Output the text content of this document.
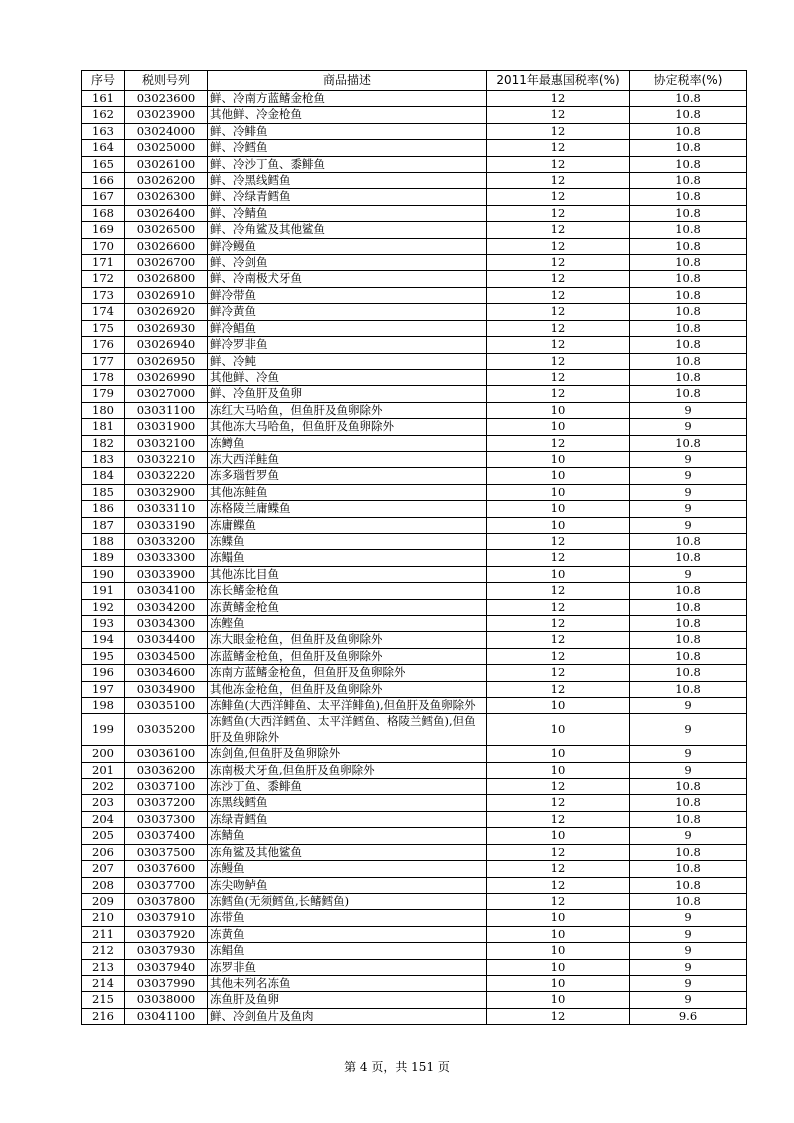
序号	税则号列	商品描述	2011年最惠国税率(%)	协定税率(%)
161	03023600	鲜、冷南方蓝鳍金枪鱼	12	10.8
162	03023900	其他鲜、冷金枪鱼	12	10.8
163	03024000	鲜、冷鲱鱼	12	10.8
164	03025000	鲜、冷鳕鱼	12	10.8
165	03026100	鲜、冷沙丁鱼、黍鲱鱼	12	10.8
166	03026200	鲜、冷黑线鳕鱼	12	10.8
167	03026300	鲜、冷绿青鳕鱼	12	10.8
168	03026400	鲜、冷鲭鱼	12	10.8
169	03026500	鲜、冷角鲨及其他鲨鱼	12	10.8
170	03026600	鲜冷鳗鱼	12	10.8
171	03026700	鲜、冷剑鱼	12	10.8
172	03026800	鲜、冷南极犬牙鱼	12	10.8
173	03026910	鲜冷带鱼	12	10.8
174	03026920	鲜冷黄鱼	12	10.8
175	03026930	鲜冷鲳鱼	12	10.8
176	03026940	鲜冷罗非鱼	12	10.8
177	03026950	鲜、冷鲀	12	10.8
178	03026990	其他鲜、冷鱼	12	10.8
179	03027000	鲜、冷鱼肝及鱼卵	12	10.8
180	03031100	冻红大马哈鱼，但鱼肝及鱼卵除外	10	9
181	03031900	其他冻大马哈鱼，但鱼肝及鱼卵除外	10	9
182	03032100	冻鳟鱼	12	10.8
183	03032210	冻大西洋鲑鱼	10	9
184	03032220	冻多瑙哲罗鱼	10	9
185	03032900	其他冻鲑鱼	10	9
186	03033110	冻格陵兰庸鲽鱼	10	9
187	03033190	冻庸鲽鱼	10	9
188	03033200	冻鲽鱼	12	10.8
189	03033300	冻鳎鱼	12	10.8
190	03033900	其他冻比目鱼	10	9
191	03034100	冻长鳍金枪鱼	12	10.8
192	03034200	冻黄鳍金枪鱼	12	10.8
193	03034300	冻鲣鱼	12	10.8
194	03034400	冻大眼金枪鱼，但鱼肝及鱼卵除外	12	10.8
195	03034500	冻蓝鳍金枪鱼，但鱼肝及鱼卵除外	12	10.8
196	03034600	冻南方蓝鳍金枪鱼，但鱼肝及鱼卵除外	12	10.8
197	03034900	其他冻金枪鱼，但鱼肝及鱼卵除外	12	10.8
198	03035100	冻鲱鱼(大西洋鲱鱼、太平洋鲱鱼),但鱼肝及鱼卵除外	10	9
199	03035200	冻鳕鱼(大西洋鳕鱼、太平洋鳕鱼、格陵兰鳕鱼),但鱼肝及鱼卵除外	10	9
200	03036100	冻剑鱼,但鱼肝及鱼卵除外	10	9
201	03036200	冻南极犬牙鱼,但鱼肝及鱼卵除外	10	9
202	03037100	冻沙丁鱼、黍鲱鱼	12	10.8
203	03037200	冻黑线鳕鱼	12	10.8
204	03037300	冻绿青鳕鱼	12	10.8
205	03037400	冻鲭鱼	10	9
206	03037500	冻角鲨及其他鲨鱼	12	10.8
207	03037600	冻鳗鱼	12	10.8
208	03037700	冻尖吻鲈鱼	12	10.8
209	03037800	冻鳕鱼(无须鳕鱼,长鳍鳕鱼)	12	10.8
210	03037910	冻带鱼	10	9
211	03037920	冻黄鱼	10	9
212	03037930	冻鲳鱼	10	9
213	03037940	冻罗非鱼	10	9
214	03037990	其他未列名冻鱼	10	9
215	03038000	冻鱼肝及鱼卵	10	9
216	03041100	鲜、冷剑鱼片及鱼肉	12	9.6
第 4 页，共 151 页
